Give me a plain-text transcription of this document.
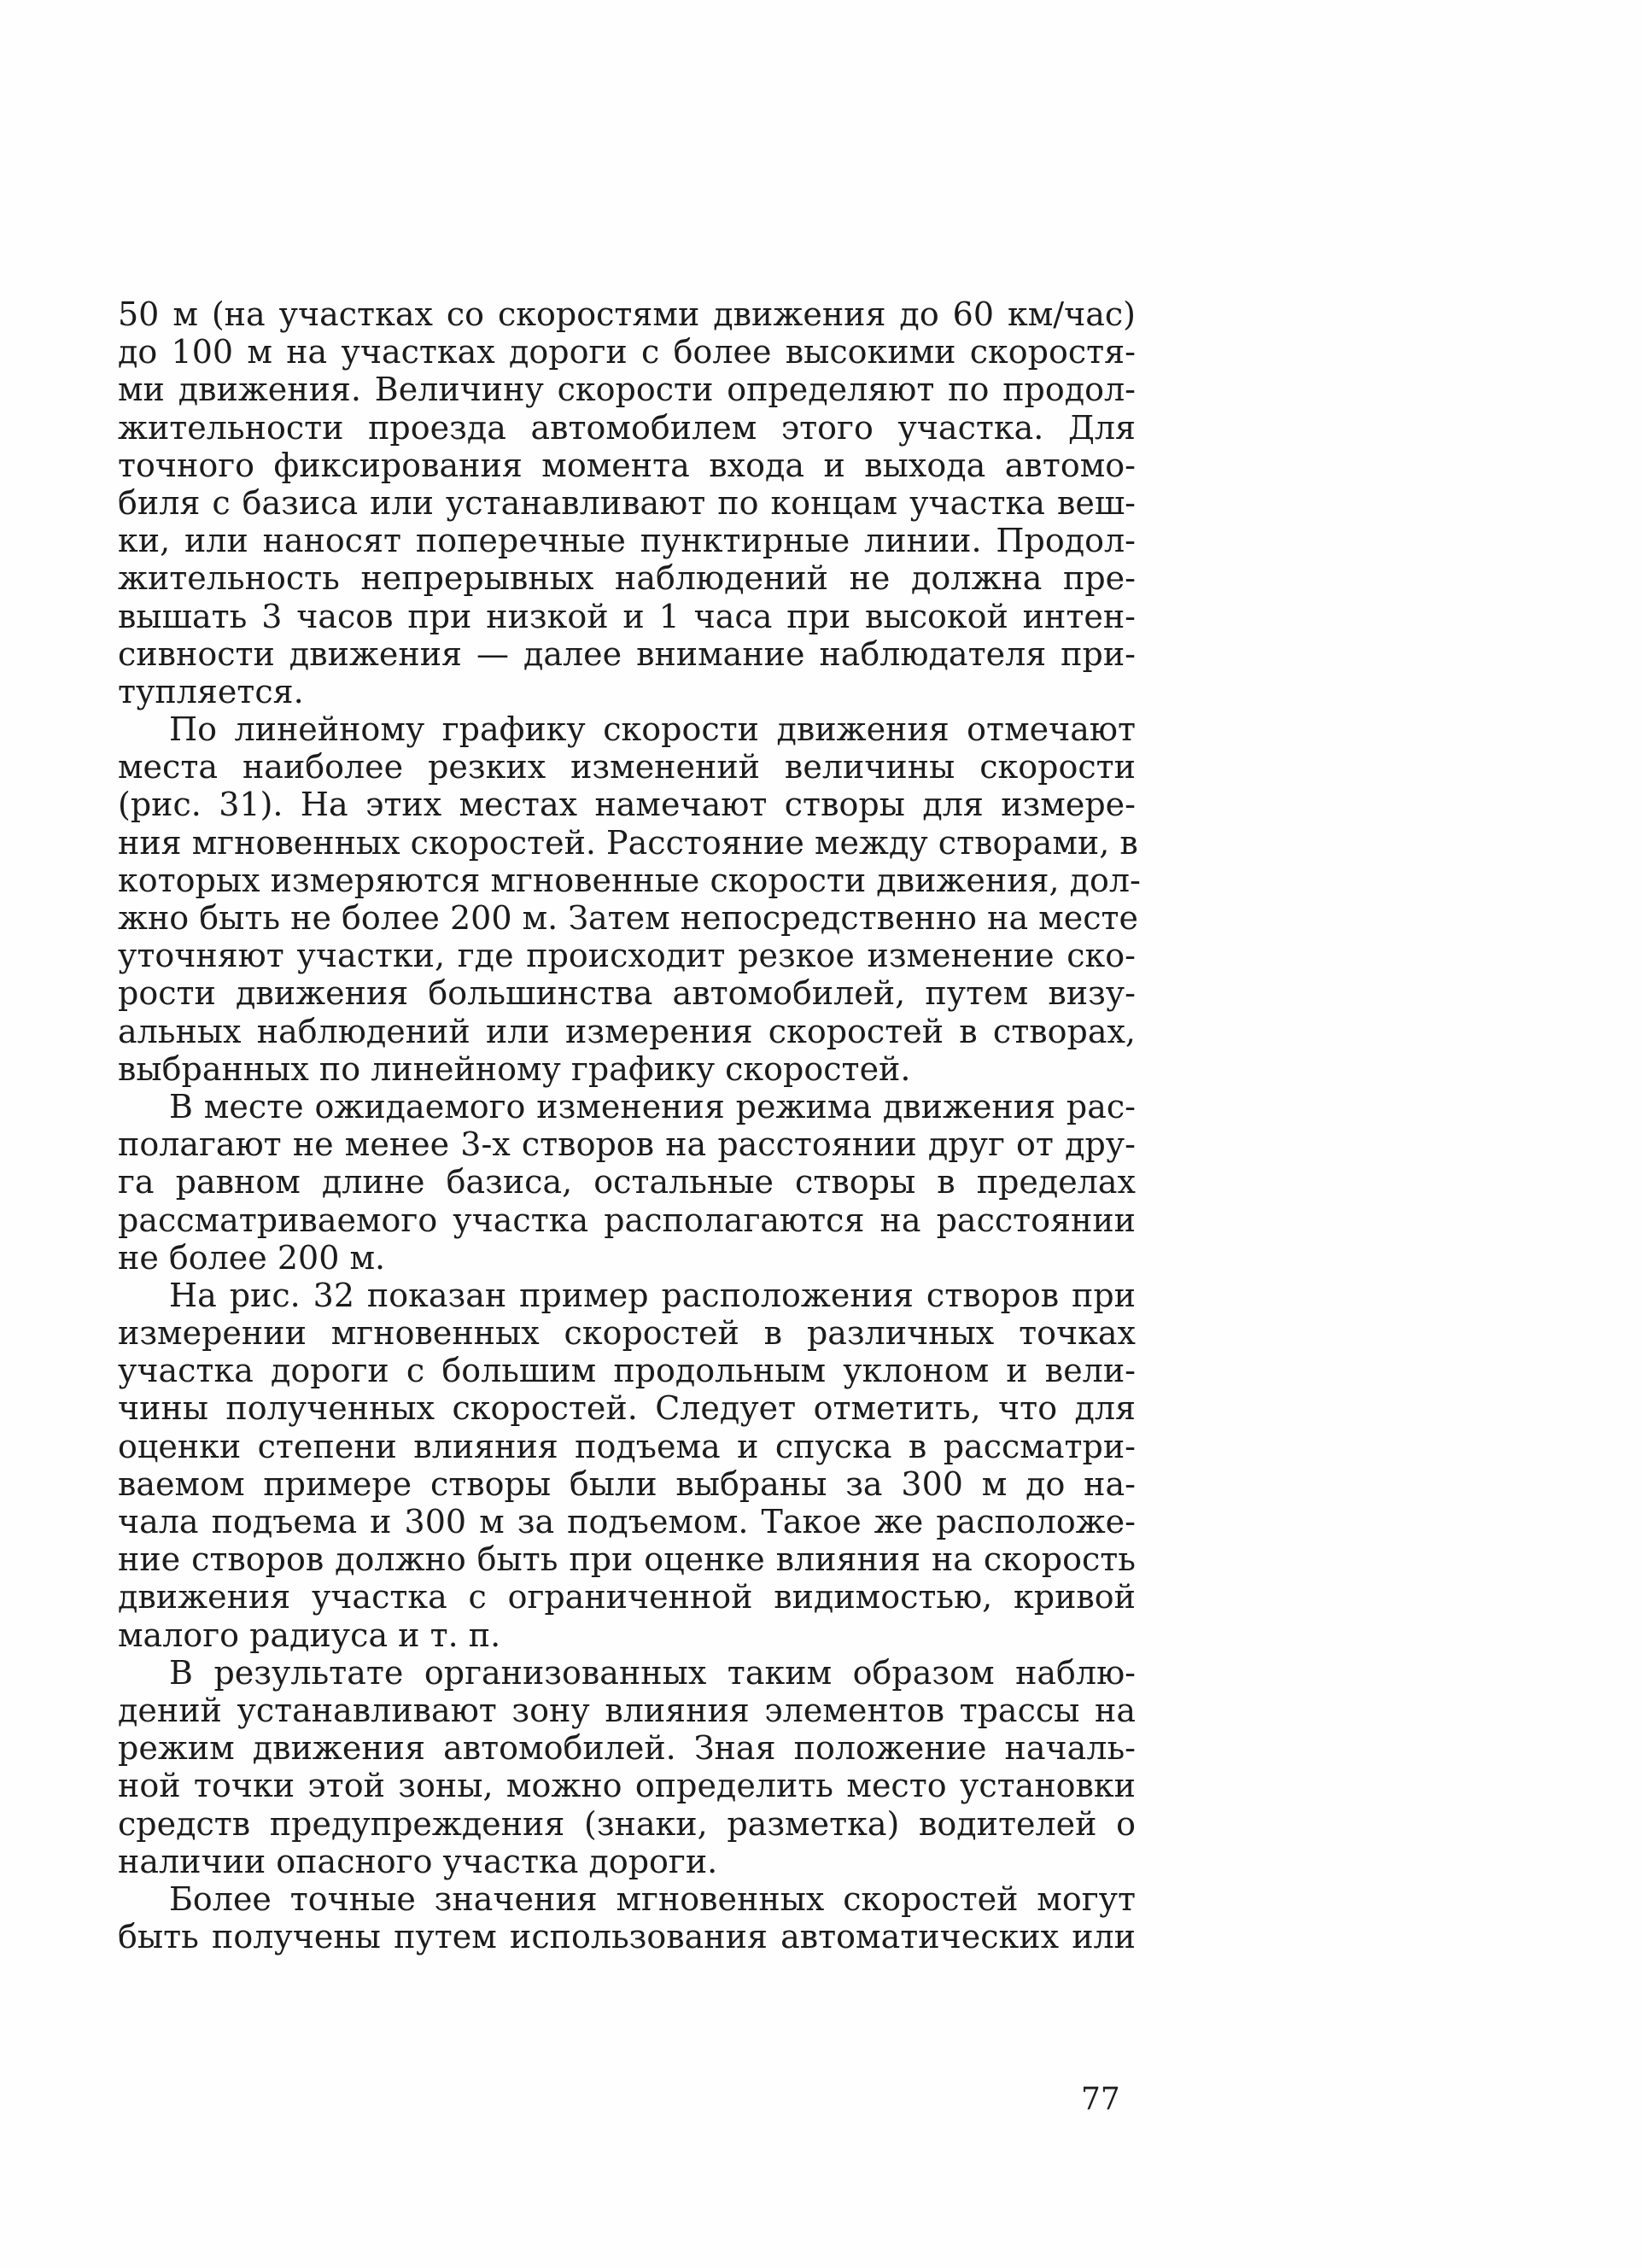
50 м (на участках со скоростями движения до 60 км/час)
до 100 м на участках дороги с более высокими скоростя-
ми движения. Величину скорости определяют по продол-
жительности проезда автомобилем этого участка. Для
точного фиксирования момента входа и выхода автомо-
биля с базиса или устанавливают по концам участка веш-
ки, или наносят поперечные пунктирные линии. Продол-
жительность непрерывных наблюдений не должна пре-
вышать 3 часов при низкой и 1 часа при высокой интен-
сивности движения — далее внимание наблюдателя при-
тупляется.
По линейному графику скорости движения отмечают
места наиболее резких изменений величины скорости
(рис. 31). На этих местах намечают створы для измере-
ния мгновенных скоростей. Расстояние между створами, в
которых измеряются мгновенные скорости движения, дол-
жно быть не более 200 м. Затем непосредственно на месте
уточняют участки, где происходит резкое изменение ско-
рости движения большинства автомобилей, путем визу-
альных наблюдений или измерения скоростей в створах,
выбранных по линейному графику скоростей.
В месте ожидаемого изменения режима движения рас-
полагают не менее 3-х створов на расстоянии друг от дру-
га равном длине базиса, остальные створы в пределах
рассматриваемого участка располагаются на расстоянии
не более 200 м.
На рис. 32 показан пример расположения створов при
измерении мгновенных скоростей в различных точках
участка дороги с большим продольным уклоном и вели-
чины полученных скоростей. Следует отметить, что для
оценки степени влияния подъема и спуска в рассматри-
ваемом примере створы были выбраны за 300 м до на-
чала подъема и 300 м за подъемом. Такое же расположе-
ние створов должно быть при оценке влияния на скорость
движения участка с ограниченной видимостью, кривой
малого радиуса и т. п.
В результате организованных таким образом наблю-
дений устанавливают зону влияния элементов трассы на
режим движения автомобилей. Зная положение началь-
ной точки этой зоны, можно определить место установки
средств предупреждения (знаки, разметка) водителей о
наличии опасного участка дороги.
Более точные значения мгновенных скоростей могут
быть получены путем использования автоматических или
77
